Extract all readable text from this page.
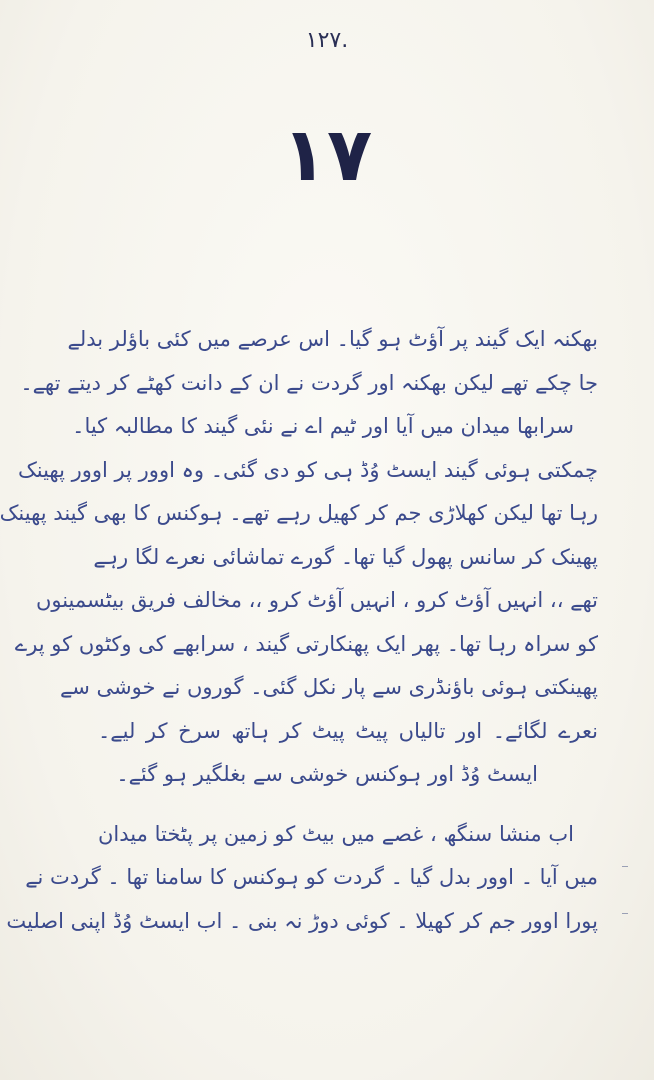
۱۲۷.
۱۷
بھکنہ ایک گیند پر آؤٹ ہو گیا۔ اس عرصے میں کئی باؤلر بدلے
جا چکے تھے لیکن بھکنہ اور گردت نے ان کے دانت کھٹے کر دیتے تھے۔
سرابھا میدان میں آیا اور ٹیم اے نے نئی گیند کا مطالبہ کیا۔
چمکتی ہوئی گیند ایسٹ وُڈ ہی کو دی گئی۔ وہ اوور پر اوور پھینک
رہا تھا لیکن کھلاڑی جم کر کھیل رہے تھے۔ ہوکنس کا بھی گیند پھینک
پھینک کر سانس پھول گیا تھا۔ گورے تماشائی نعرے لگا رہے
تھے ،، انہیں آؤٹ کرو ، انہیں آؤٹ کرو ،، مخالف فریق بیٹسمینوں
کو سراہ رہا تھا۔ پھر ایک پھنکارتی گیند ، سرابھے کی وکٹوں کو پرے
پھینکتی ہوئی باؤنڈری سے پار نکل گئی۔ گوروں نے خوشی سے
نعرے لگائے۔ اور تالیاں پیٹ پیٹ کر ہاتھ سرخ کر لیے۔
ایسٹ وُڈ اور ہوکنس خوشی سے بغلگیر ہو گئے۔
اب منشا سنگھ ، غصے میں بیٹ کو زمین پر پٹختا میدان
میں آیا ۔ اوور بدل گیا ۔ گردت کو ہوکنس کا سامنا تھا ۔ گردت نے
پورا اوور جم کر کھیلا ۔ کوئی دوڑ نہ بنی ۔ اب ایسٹ وُڈ اپنی اصلیت
